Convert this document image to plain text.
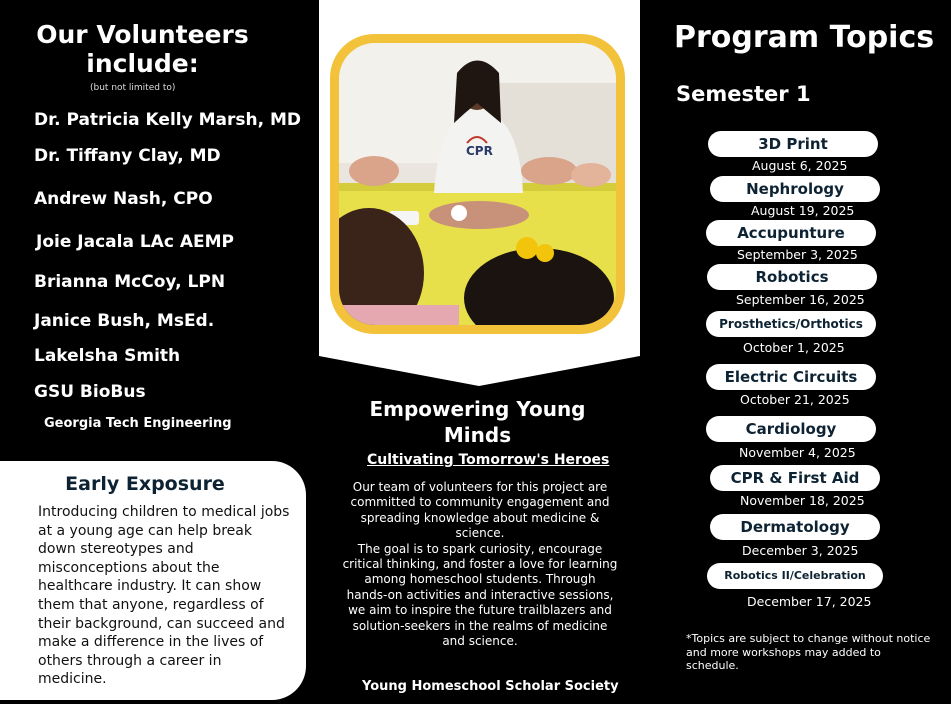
Our Volunteers include:
(but not limited to)
Dr. Patricia Kelly Marsh, MD
Dr. Tiffany Clay, MD
Andrew Nash, CPO
Joie Jacala LAc AEMP
Brianna McCoy, LPN
Janice Bush, MsEd.
Lakelsha Smith
GSU BioBus
Georgia Tech Engineering
Early Exposure
Introducing children to medical jobs at a young age can help break down stereotypes and misconceptions about the healthcare industry. It can show them that anyone, regardless of their background, can succeed and make a difference in the lives of others through a career in medicine.
CPR
Empowering Young Minds
Cultivating Tomorrow's Heroes
Our team of volunteers for this project are committed to community engagement and spreading knowledge about medicine & science.
The goal is to spark curiosity, encourage critical thinking, and foster a love for learning among homeschool students. Through hands-on activities and interactive sessions, we aim to inspire the future trailblazers and solution-seekers in the realms of medicine and science.
Young Homeschool Scholar Society
Program Topics
Semester 1
3D Print
August 6, 2025
Nephrology
August 19, 2025
Accupunture
September 3, 2025
Robotics
September 16, 2025
Prosthetics/Orthotics
October 1, 2025
Electric Circuits
October 21, 2025
Cardiology
November 4, 2025
CPR & First Aid
November 18, 2025
Dermatology
December 3, 2025
Robotics II/Celebration
December 17, 2025
*Topics are subject to change without notice and more workshops may added to schedule.
